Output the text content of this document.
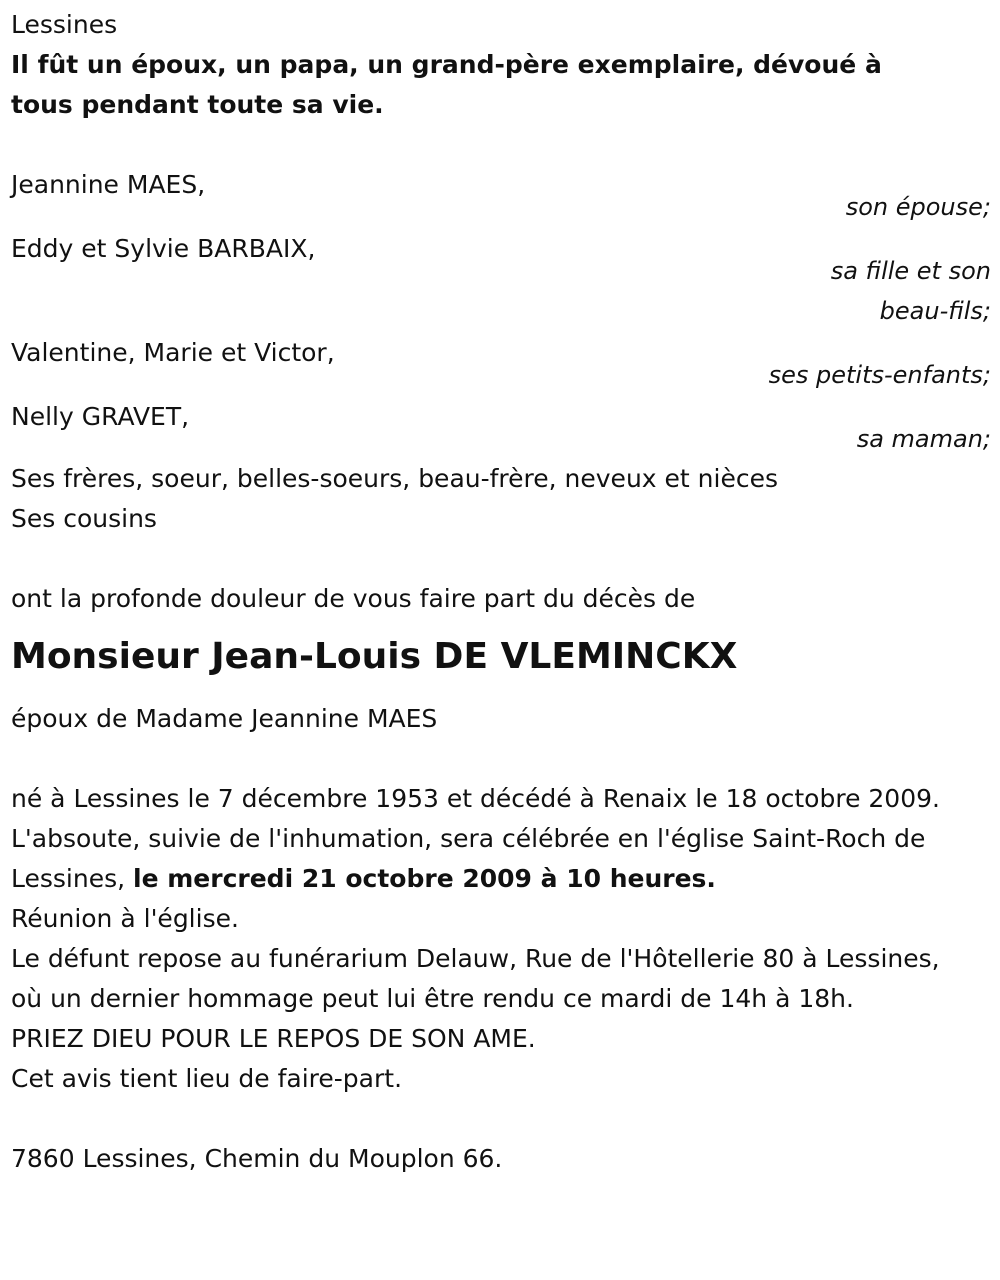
Lessines
Il fût un époux, un papa, un grand-père exemplaire, dévoué à tous pendant toute sa vie.
Jeannine MAES,
son épouse;
Eddy et Sylvie BARBAIX,
sa fille et son beau-fils;
Valentine, Marie et Victor,
ses petits-enfants;
Nelly GRAVET,
sa maman;
Ses frères, soeur, belles-soeurs, beau-frère, neveux et nièces
Ses cousins
ont la profonde douleur de vous faire part du décès de
Monsieur Jean-Louis DE VLEMINCKX
époux de Madame Jeannine MAES
né à Lessines le 7 décembre 1953 et décédé à Renaix le 18 octobre 2009.
L'absoute, suivie de l'inhumation, sera célébrée en l'église Saint-Roch de Lessines, le mercredi 21 octobre 2009 à 10 heures.
Réunion à l'église.
Le défunt repose au funérarium Delauw, Rue de l'Hôtellerie 80 à Lessines, où un dernier hommage peut lui être rendu ce mardi de 14h à 18h.
PRIEZ DIEU POUR LE REPOS DE SON AME.
Cet avis tient lieu de faire-part.
7860 Lessines, Chemin du Mouplon 66.
